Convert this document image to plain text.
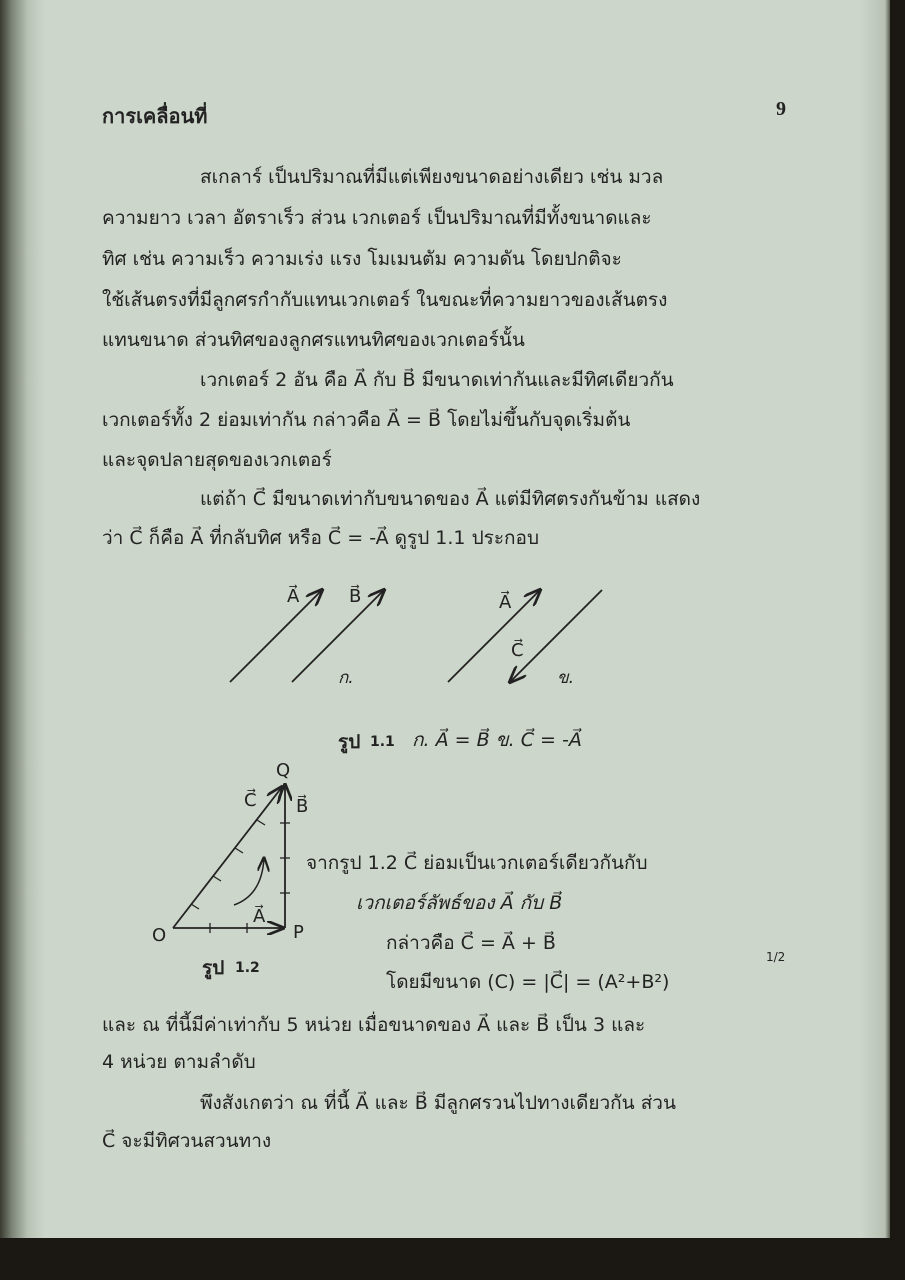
การเคลื่อนที่	9
สเกลาร์ เป็นปริมาณที่มีแต่เพียงขนาดอย่างเดียว เช่น มวล
ความยาว เวลา อัตราเร็ว ส่วน เวกเตอร์ เป็นปริมาณที่มีทั้งขนาดและ
ทิศ เช่น ความเร็ว ความเร่ง แรง โมเมนตัม ความดัน โดยปกติจะ
ใช้เส้นตรงที่มีลูกศรกำกับแทนเวกเตอร์ ในขณะที่ความยาวของเส้นตรง
แทนขนาด ส่วนทิศของลูกศรแทนทิศของเวกเตอร์นั้น
เวกเตอร์ 2 อัน คือ A⃗ กับ B⃗ มีขนาดเท่ากันและมีทิศเดียวกัน
เวกเตอร์ทั้ง 2 ย่อมเท่ากัน กล่าวคือ A⃗ = B⃗ โดยไม่ขึ้นกับจุดเริ่มต้น
และจุดปลายสุดของเวกเตอร์
แต่ถ้า C⃗ มีขนาดเท่ากับขนาดของ A⃗ แต่มีทิศตรงกันข้าม แสดง
ว่า C⃗ ก็คือ A⃗ ที่กลับทิศ หรือ C⃗ = -A⃗ ดูรูป 1.1 ประกอบ
A⃗	B⃗
ก.
A⃗
C⃗
ข.
รูป 1.1 ก. A⃗ = B⃗ ข. C⃗ = -A⃗
Q
C⃗ B⃗
A⃗
O	P
รูป 1.2
จากรูป 1.2 C⃗ ย่อมเป็นเวกเตอร์เดียวกันกับ
เวกเตอร์ลัพธ์ของ A⃗ กับ B⃗
กล่าวคือ C⃗ = A⃗ + B⃗
โดยมีขนาด (C) = |C⃗| = (A²+B²)
1/2
และ ณ ที่นี้มีค่าเท่ากับ 5 หน่วย เมื่อขนาดของ A⃗ และ B⃗ เป็น 3 และ
4 หน่วย ตามลำดับ
พึงสังเกตว่า ณ ที่นี้ A⃗ และ B⃗ มีลูกศรวนไปทางเดียวกัน ส่วน
C⃗ จะมีทิศวนสวนทาง
